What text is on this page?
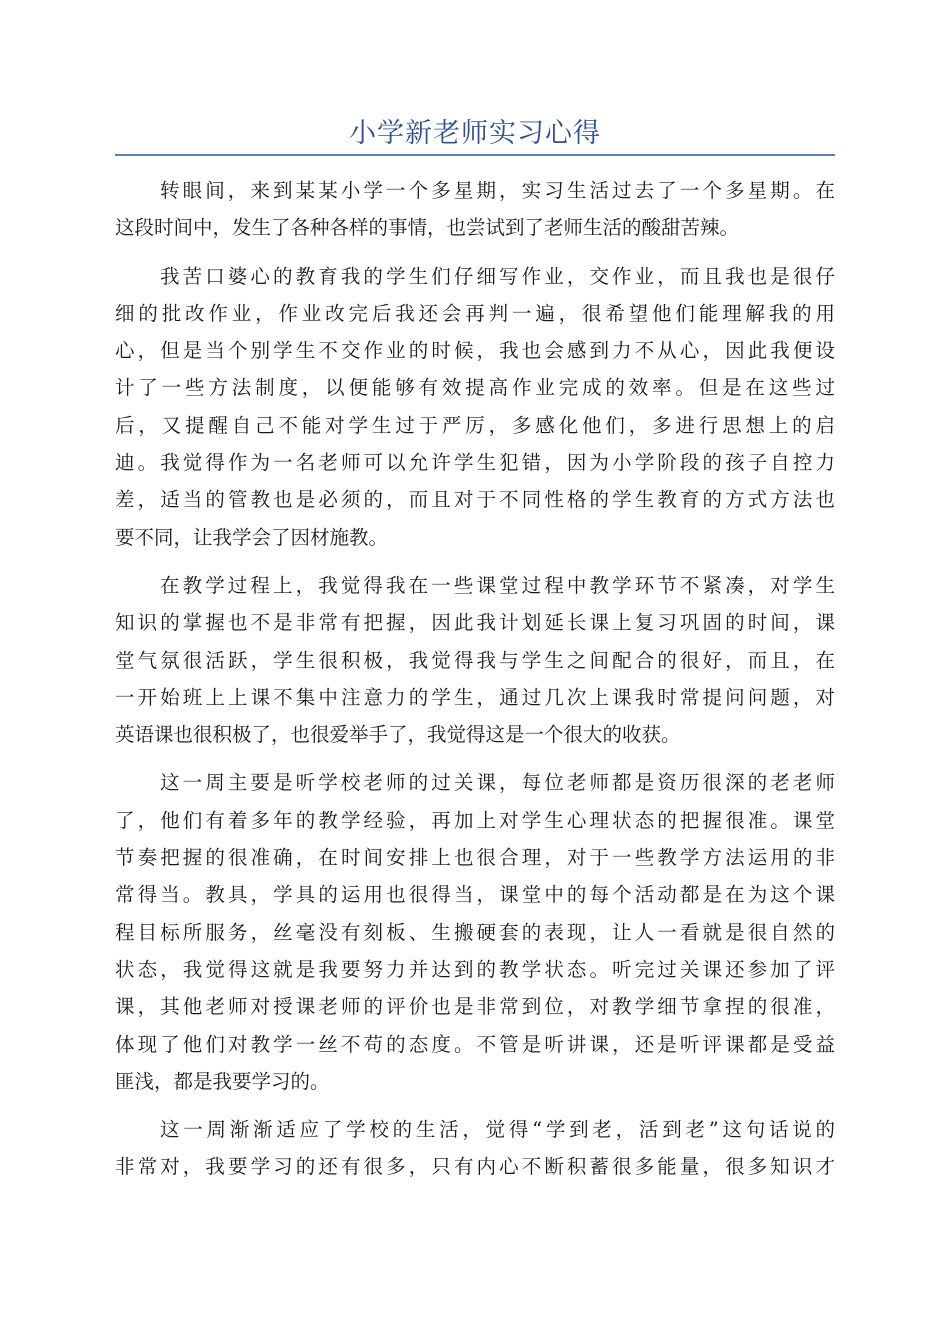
小学新老师实习心得
转眼间，来到某某小学一个多星期，实习生活过去了一个多星期。在
这段时间中，发生了各种各样的事情，也尝试到了老师生活的酸甜苦辣。
我苦口婆心的教育我的学生们仔细写作业，交作业，而且我也是很仔
细的批改作业，作业改完后我还会再判一遍，很希望他们能理解我的用
心，但是当个别学生不交作业的时候，我也会感到力不从心，因此我便设
计了一些方法制度，以便能够有效提高作业完成的效率。但是在这些过
后，又提醒自己不能对学生过于严厉，多感化他们，多进行思想上的启
迪。我觉得作为一名老师可以允许学生犯错，因为小学阶段的孩子自控力
差，适当的管教也是必须的，而且对于不同性格的学生教育的方式方法也
要不同，让我学会了因材施教。
在教学过程上，我觉得我在一些课堂过程中教学环节不紧凑，对学生
知识的掌握也不是非常有把握，因此我计划延长课上复习巩固的时间，课
堂气氛很活跃，学生很积极，我觉得我与学生之间配合的很好，而且，在
一开始班上上课不集中注意力的学生，通过几次上课我时常提问问题，对
英语课也很积极了，也很爱举手了，我觉得这是一个很大的收获。
这一周主要是听学校老师的过关课，每位老师都是资历很深的老老师
了，他们有着多年的教学经验，再加上对学生心理状态的把握很准。课堂
节奏把握的很准确，在时间安排上也很合理，对于一些教学方法运用的非
常得当。教具，学具的运用也很得当，课堂中的每个活动都是在为这个课
程目标所服务，丝毫没有刻板、生搬硬套的表现，让人一看就是很自然的
状态，我觉得这就是我要努力并达到的教学状态。听完过关课还参加了评
课，其他老师对授课老师的评价也是非常到位，对教学细节拿捏的很准，
体现了他们对教学一丝不苟的态度。不管是听讲课，还是听评课都是受益
匪浅，都是我要学习的。
这一周渐渐适应了学校的生活，觉得“学到老，活到老”这句话说的
非常对，我要学习的还有很多，只有内心不断积蓄很多能量，很多知识才
